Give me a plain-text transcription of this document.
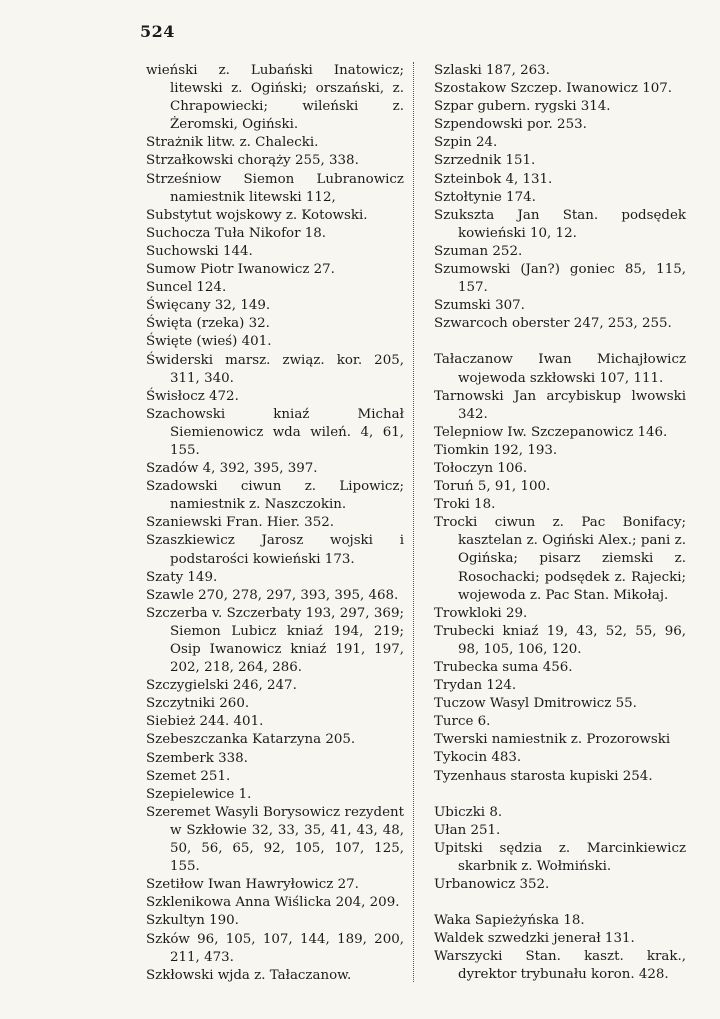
524

wieński z. Lubański Inatowicz; litewski z. Ogiński; orszański, z. Chrapowiecki; wileński z. Żeromski, Ogiński.

Strażnik litw. z. Chalecki.

Strzałkowski chorąży 255, 338.

Strześniow Siemon Lubranowicz namiestnik litewski 112,

Substytut wojskowy z. Kotowski.

Suchocza Tuła Nikofor 18.

Suchowski 144.

Sumow Piotr Iwanowicz 27.

Suncel 124.

Święcany 32, 149.

Święta (rzeka) 32.

Święte (wieś) 401.

Świderski marsz. związ. kor. 205, 311, 340.

Świsłocz 472.

Szachowski kniaź Michał Siemienowicz wda wileń. 4, 61, 155.

Szadów 4, 392, 395, 397.

Szadowski ciwun z. Lipowicz; namiestnik z. Naszczokin.

Szaniewski Fran. Hier. 352.

Szaszkiewicz Jarosz wojski i podstarości kowieński 173.

Szaty 149.

Szawle 270, 278, 297, 393, 395, 468.

Szczerba v. Szczerbaty 193, 297, 369; Siemon Lubicz kniaź 194, 219; Osip Iwanowicz kniaź 191, 197, 202, 218, 264, 286.

Szczygielski 246, 247.

Szczytniki 260.

Siebież 244. 401.

Szebeszczanka Katarzyna 205.

Szemberk 338.

Szemet 251.

Szepielewice 1.

Szeremet Wasyli Borysowicz rezydent w Szkłowie 32, 33, 35, 41, 43, 48, 50, 56, 65, 92, 105, 107, 125, 155.

Szetiłow Iwan Hawryłowicz 27.

Szklenikowa Anna Wiślicka 204, 209.

Szkultyn 190.

Szków 96, 105, 107, 144, 189, 200, 211, 473.

Szkłowski wjda z. Tałaczanow.

Szlaski 187, 263.

Szostakow Szczep. Iwanowicz 107.

Szpar gubern. rygski 314.

Szpendowski por. 253.

Szpin 24.

Szrzednik 151.

Szteinbok 4, 131.

Sztołtynie 174.

Szukszta Jan Stan. podsędek kowieński 10, 12.

Szuman 252.

Szumowski (Jan?) goniec 85, 115, 157.

Szumski 307.

Szwarcoch oberster 247, 253, 255.

Tałaczanow Iwan Michajłowicz wojewoda szkłowski 107, 111.

Tarnowski Jan arcybiskup lwowski 342.

Telepniow Iw. Szczepanowicz 146.

Tiomkin 192, 193.

Tołoczyn 106.

Toruń 5, 91, 100.

Troki 18.

Trocki ciwun z. Pac Bonifacy; kasztelan z. Ogiński Alex.; pani z. Ogińska; pisarz ziemski z. Rosochacki; podsędek z. Rajecki; wojewoda z. Pac Stan. Mikołaj.

Trowkloki 29.

Trubecki kniaź 19, 43, 52, 55, 96, 98, 105, 106, 120.

Trubecka suma 456.

Trydan 124.

Tuczow Wasyl Dmitrowicz 55.

Turce 6.

Twerski namiestnik z. Prozorowski

Tykocin 483.

Tyzenhaus starosta kupiski 254.

Ubiczki 8.

Ułan 251.

Upitski sędzia z. Marcinkiewicz skarbnik z. Wołmiński.

Urbanowicz 352.

Waka Sapieżyńska 18.

Waldek szwedzki jenerał 131.

Warszycki Stan. kaszt. krak., dyrektor trybunału koron. 428.
